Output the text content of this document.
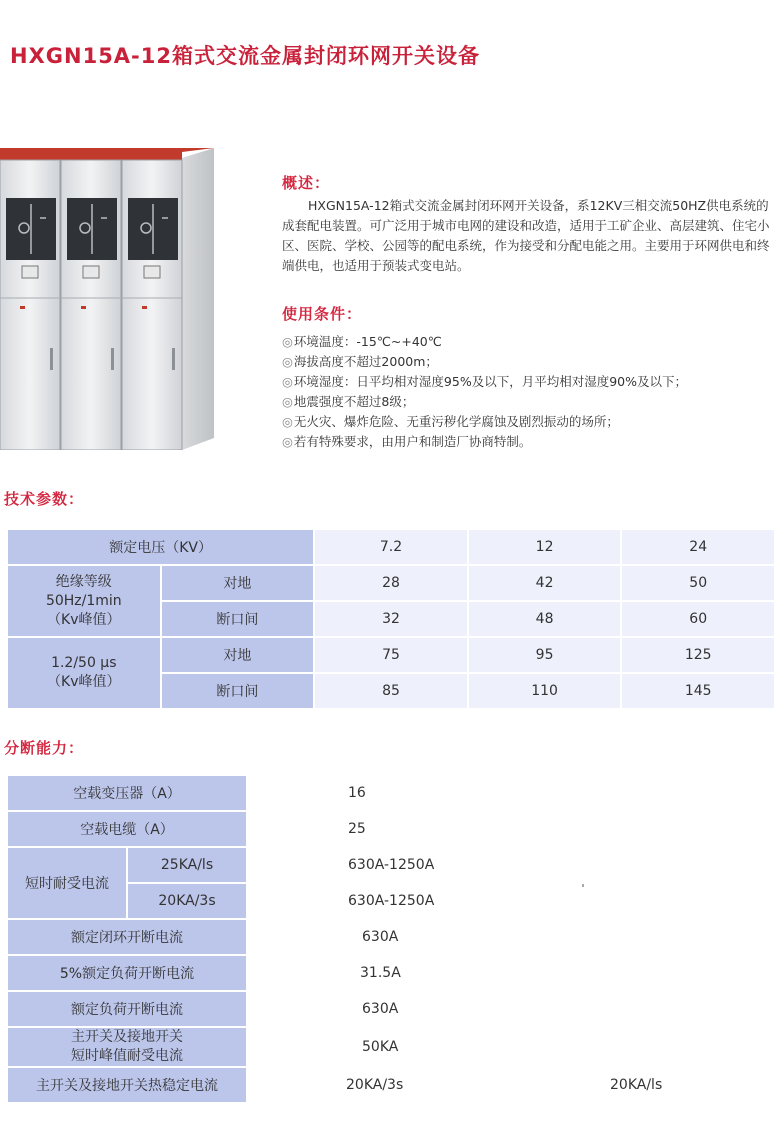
HXGN15A-12箱式交流金属封闭环网开关设备
概述：

HXGN15A-12箱式交流金属封闭环网开关设备，系12KV三相交流50HZ供电系统的成套配电装置。可广泛用于城市电网的建设和改造，适用于工矿企业、高层建筑、住宅小区、医院、学校、公园等的配电系统，作为接受和分配电能之用。主要用于环网供电和终端供电，也适用于预装式变电站。

使用条件：
◎环境温度：-15℃~+40℃
◎海拔高度不超过2000m；
◎环境湿度：日平均相对湿度95%及以下，月平均相对湿度90%及以下；
◎地震强度不超过8级；
◎无火灾、爆炸危险、无重污秽化学腐蚀及剧烈振动的场所；
◎若有特殊要求，由用户和制造厂协商特制。
技术参数：
额定电压（KV）		7.2	12	24

绝缘等级
50Hz/1min
（Kv峰值）	对地	28	42	50
	断口间	32	48	60

1.2/50 μs
（Kv峰值）	对地	75	95	125
	断口间	85	110	145
分断能力：
空载变压器（A）		16	
空载电缆（A）		25	
短时耐受电流	25KA/ls	630A-1250A	
	20KA/3s	630A-1250A	
额定闭环开断电流		630A	
5%额定负荷开断电流		31.5A	
额定负荷开断电流		630A	

主开关及接地开关
短时峰值耐受电流		50KA	
主开关及接地开关热稳定电流		20KA/3s	20KA/ls
